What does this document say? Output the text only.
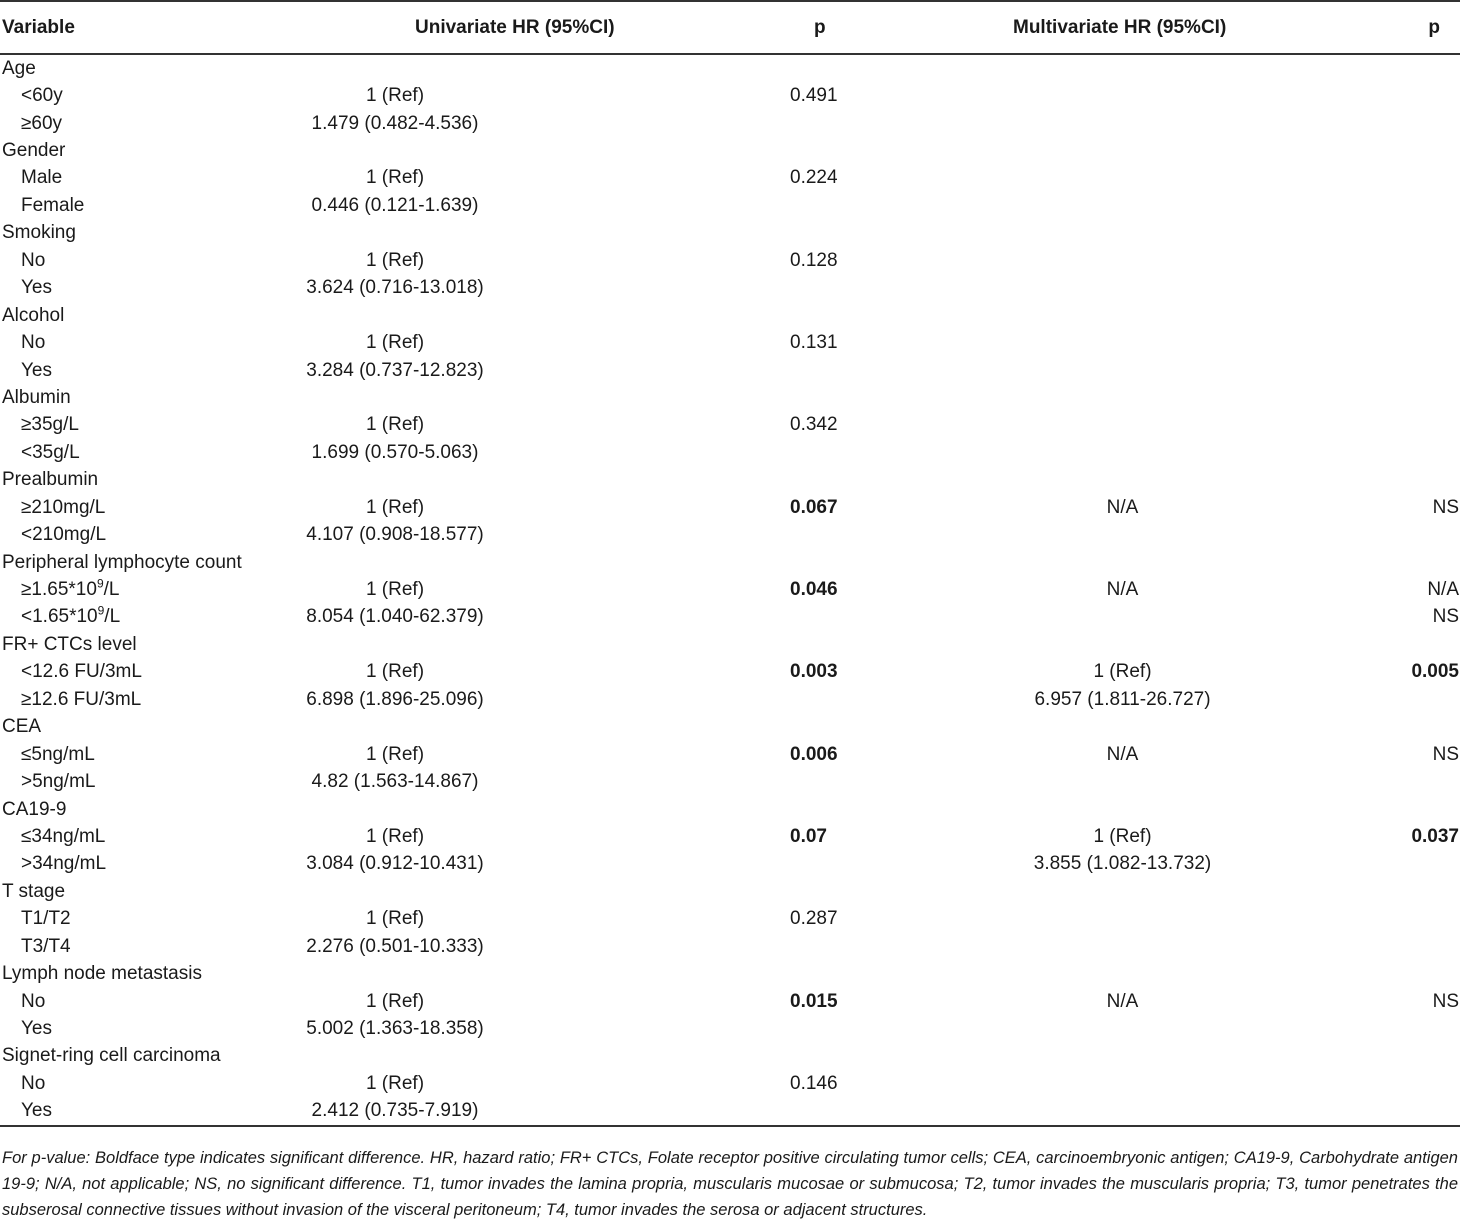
Variable	Univariate HR (95%CI)	p	Multivariate HR (95%CI)	p
Age				
<60y	1 (Ref)	0.491		
≥60y	1.479 (0.482-4.536)			
Gender				
Male	1 (Ref)	0.224		
Female	0.446 (0.121-1.639)			
Smoking				
No	1 (Ref)	0.128		
Yes	3.624 (0.716-13.018)			
Alcohol				
No	1 (Ref)	0.131		
Yes	3.284 (0.737-12.823)			
Albumin				
≥35g/L	1 (Ref)	0.342		
<35g/L	1.699 (0.570-5.063)			
Prealbumin				
≥210mg/L	1 (Ref)	0.067	N/A	NS
<210mg/L	4.107 (0.908-18.577)			
Peripheral lymphocyte count				
$\ge 1.65*10^9/L$	1 (Ref)	0.046	N/A	N/A
$<1.65*10^9/L$	8.054 (1.040-62.379)			NS
FR+ CTCs level				
<12.6 FU/3mL	1 (Ref)	0.003	1 (Ref)	0.005
≥12.6 FU/3mL	6.898 (1.896-25.096)		6.957 (1.811-26.727)	
CEA				
≤5ng/mL	1 (Ref)	0.006	N/A	NS
>5ng/mL	4.82 (1.563-14.867)			
CA19-9				
≤34ng/mL	1 (Ref)	0.07	1 (Ref)	0.037
>34ng/mL	3.084 (0.912-10.431)		3.855 (1.082-13.732)	
T stage				
T1/T2	1 (Ref)	0.287		
T3/T4	2.276 (0.501-10.333)			
Lymph node metastasis				
No	1 (Ref)	0.015	N/A	NS
Yes	5.002 (1.363-18.358)			
Signet-ring cell carcinoma				
No	1 (Ref)	0.146		
Yes	2.412 (0.735-7.919)			
For p-value: Boldface type indicates significant difference. HR, hazard ratio; FR+ CTCs, Folate receptor positive circulating tumor cells; CEA, carcinoembryonic antigen; CA19-9, Carbohydrate antigen 19-9; N/A, not applicable; NS, no significant difference. T1, tumor invades the lamina propria, muscularis mucosae or submucosa; T2, tumor invades the muscularis propria; T3, tumor penetrates the subserosal connective tissues without invasion of the visceral peritoneum; T4, tumor invades the serosa or adjacent structures.
